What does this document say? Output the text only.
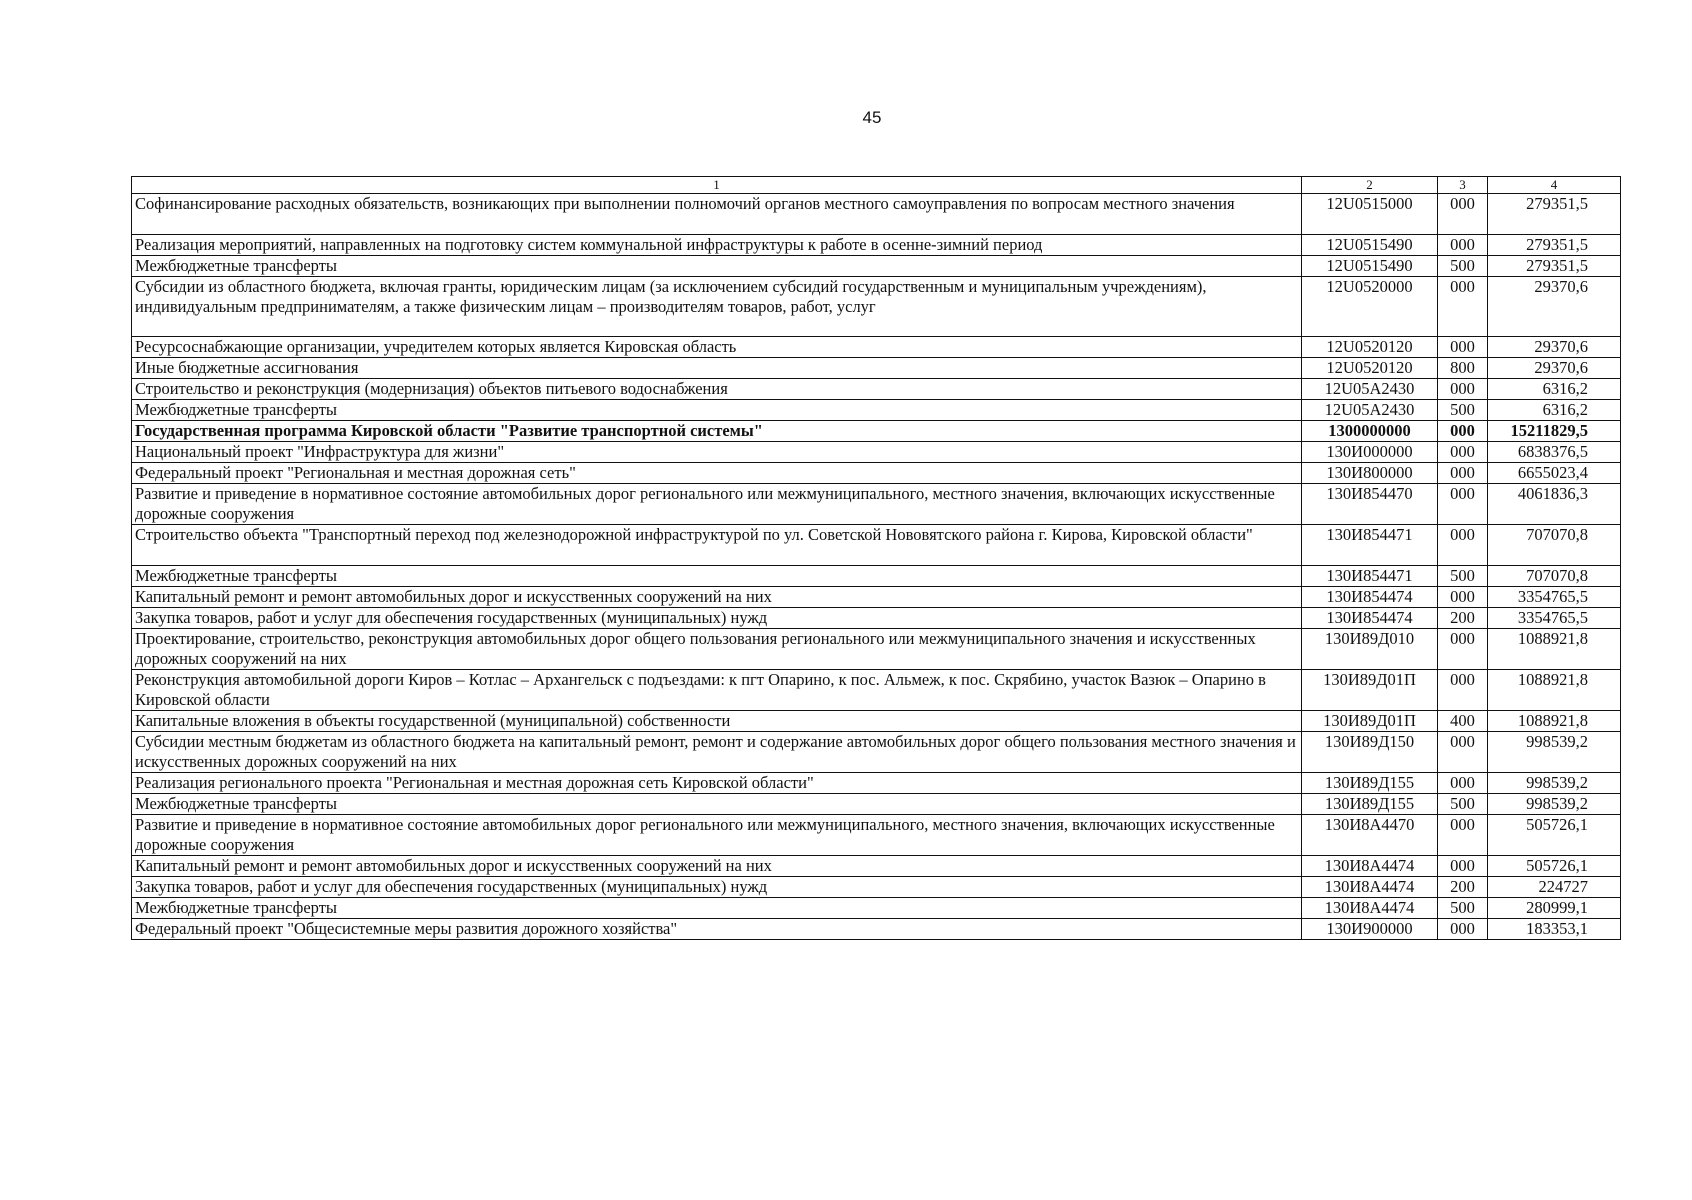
45
1	2	3	4
Софинансирование расходных обязательств, возникающих при выполнении полномочий органов местного самоуправления по вопросам местного значения	12U0515000	000	279351,5
Реализация мероприятий, направленных на подготовку систем коммунальной инфраструктуры к работе в осенне-зимний период	12U0515490	000	279351,5
Межбюджетные трансферты	12U0515490	500	279351,5
Субсидии из областного бюджета, включая гранты, юридическим лицам (за исключением субсидий государственным и муниципальным учреждениям), индивидуальным предпринимателям, а также физическим лицам – производителям товаров, работ, услуг	12U0520000	000	29370,6
Ресурсоснабжающие организации, учредителем которых является Кировская область	12U0520120	000	29370,6
Иные бюджетные ассигнования	12U0520120	800	29370,6
Строительство и реконструкция (модернизация) объектов питьевого водоснабжения	12U05A2430	000	6316,2
Межбюджетные трансферты	12U05A2430	500	6316,2
Государственная программа Кировской области "Развитие транспортной системы"	1300000000	000	15211829,5
Национальный проект "Инфраструктура для жизни"	130И000000	000	6838376,5
Федеральный проект "Региональная и местная дорожная сеть"	130И800000	000	6655023,4
Развитие и приведение в нормативное состояние автомобильных дорог регионального или межмуниципального, местного значения, включающих искусственные дорожные сооружения	130И854470	000	4061836,3
Строительство объекта "Транспортный переход под железнодорожной инфраструктурой по ул. Советской Нововятского района г. Кирова, Кировской области"	130И854471	000	707070,8
Межбюджетные трансферты	130И854471	500	707070,8
Капитальный ремонт и ремонт автомобильных дорог и искусственных сооружений на них	130И854474	000	3354765,5
Закупка товаров, работ и услуг для обеспечения государственных (муниципальных) нужд	130И854474	200	3354765,5
Проектирование, строительство, реконструкция автомобильных дорог общего пользования регионального или межмуниципального значения и искусственных дорожных сооружений на них	130И89Д010	000	1088921,8
Реконструкция автомобильной дороги Киров – Котлас – Архангельск с подъездами: к пгт Опарино, к пос. Альмеж, к пос. Скрябино, участок Вазюк – Опарино в Кировской области	130И89Д01П	000	1088921,8
Капитальные вложения в объекты государственной (муниципальной) собственности	130И89Д01П	400	1088921,8
Субсидии местным бюджетам из областного бюджета на капитальный ремонт, ремонт и содержание автомобильных дорог общего пользования местного значения и искусственных дорожных сооружений на них	130И89Д150	000	998539,2
Реализация регионального проекта "Региональная и местная дорожная сеть Кировской области"	130И89Д155	000	998539,2
Межбюджетные трансферты	130И89Д155	500	998539,2
Развитие и приведение в нормативное состояние автомобильных дорог регионального или межмуниципального, местного значения, включающих искусственные дорожные сооружения	130И8А4470	000	505726,1
Капитальный ремонт и ремонт автомобильных дорог и искусственных сооружений на них	130И8А4474	000	505726,1
Закупка товаров, работ и услуг для обеспечения государственных (муниципальных) нужд	130И8А4474	200	224727
Межбюджетные трансферты	130И8А4474	500	280999,1
Федеральный проект "Общесистемные меры развития дорожного хозяйства"	130И900000	000	183353,1
